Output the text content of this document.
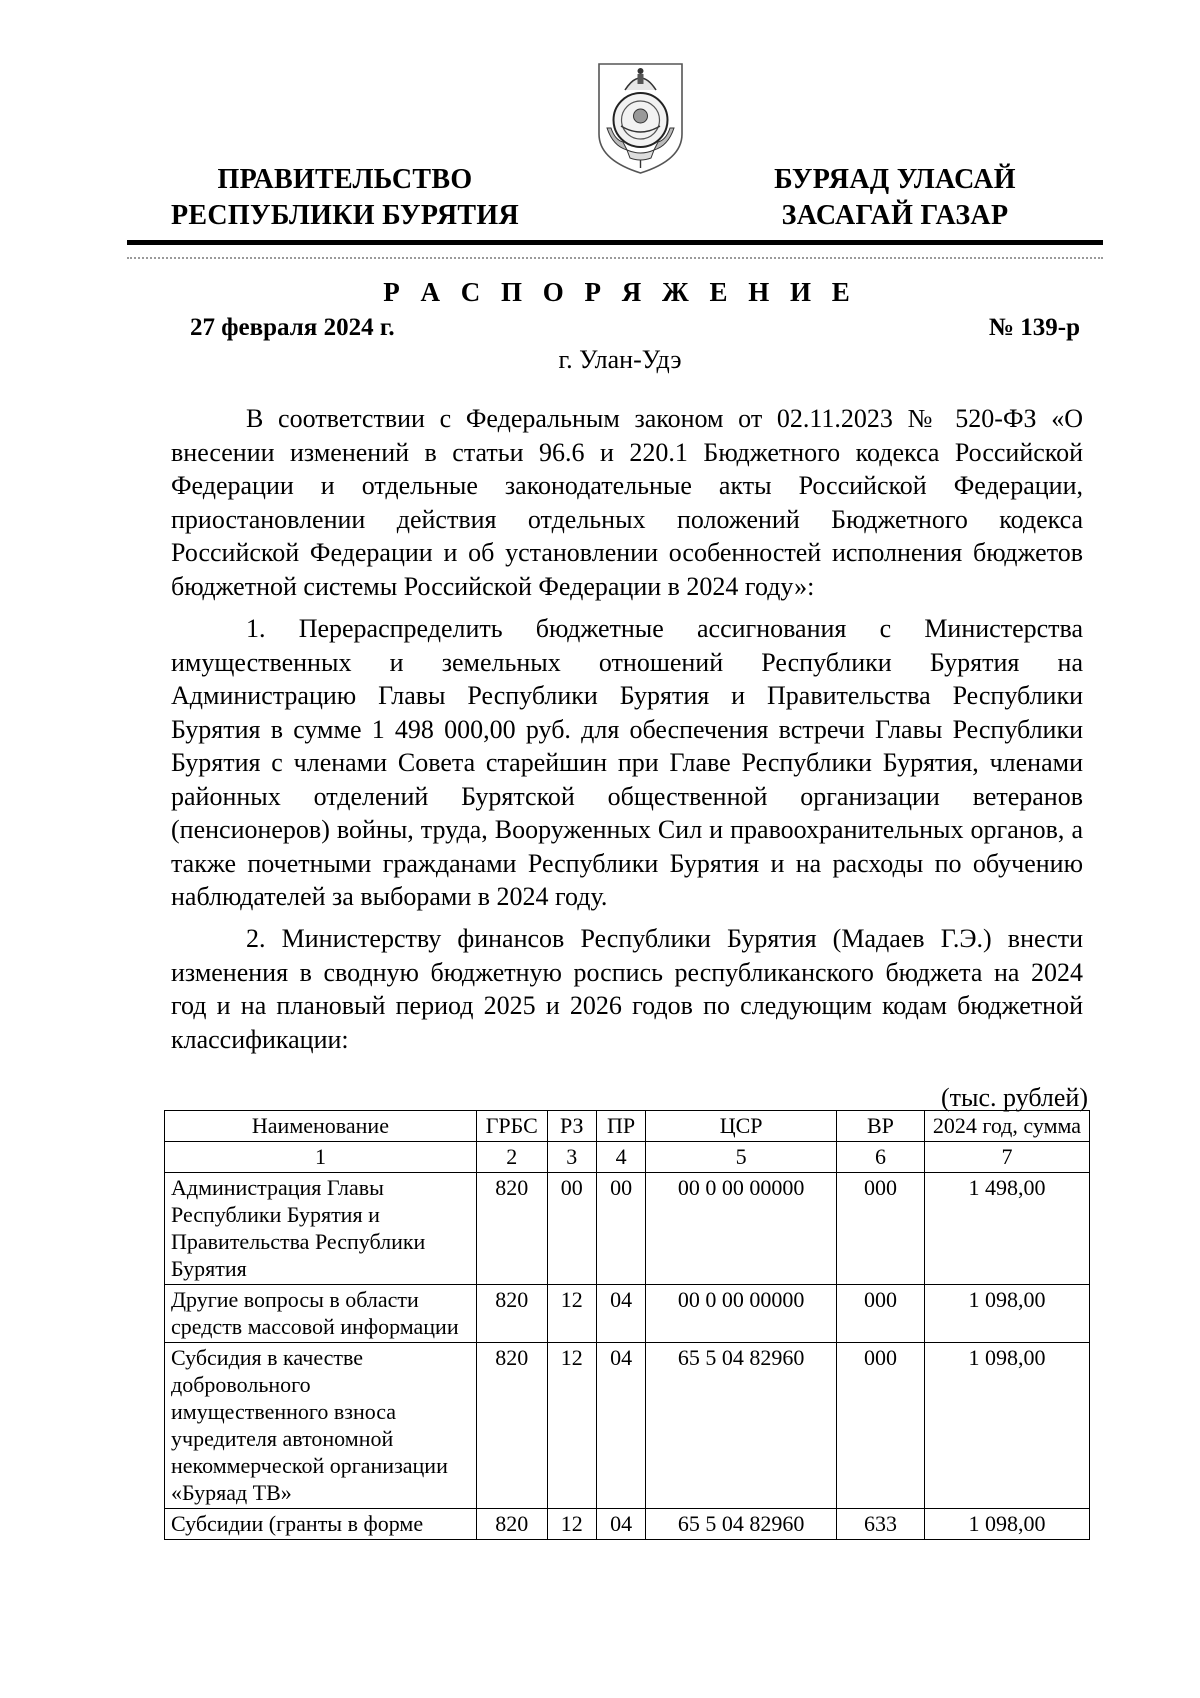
ПРАВИТЕЛЬСТВО
РЕСПУБЛИКИ БУРЯТИЯ
БУРЯАД УЛАСАЙ
ЗАСАГАЙ ГАЗАР
Р А С П О Р Я Ж Е Н И Е
27 февраля 2024 г.	№ 139-р
г. Улан-Удэ

В соответствии с Федеральным законом от 02.11.2023 № 520-ФЗ «О внесении изменений в статьи 96.6 и 220.1 Бюджетного кодекса Российской Федерации и отдельные законодательные акты Российской Федерации, приостановлении действия отдельных положений Бюджетного кодекса Российской Федерации и об установлении особенностей исполнения бюджетов бюджетной системы Российской Федерации в 2024 году»:

1. Перераспределить бюджетные ассигнования с Министерства имущественных и земельных отношений Республики Бурятия на Администрацию Главы Республики Бурятия и Правительства Республики Бурятия в сумме 1 498 000,00 руб. для обеспечения встречи Главы Республики Бурятия с членами Совета старейшин при Главе Республики Бурятия, членами районных отделений Бурятской общественной организации ветеранов (пенсионеров) войны, труда, Вооруженных Сил и правоохранительных органов, а также почетными гражданами Республики Бурятия и на расходы по обучению наблюдателей за выборами в 2024 году.

2. Министерству финансов Республики Бурятия (Мадаев Г.Э.) внести изменения в сводную бюджетную роспись республиканского бюджета на 2024 год и на плановый период 2025 и 2026 годов по следующим кодам бюджетной классификации:

(тыс. рублей)
Наименование	ГРБС	РЗ	ПР	ЦСР	ВР	2024 год, сумма
1	2	3	4	5	6	7
Администрация Главы Республики Бурятия и Правительства Республики Бурятия	820	00	00	00 0 00 00000	000	1 498,00
Другие вопросы в области средств массовой информации	820	12	04	00 0 00 00000	000	1 098,00
Субсидия в качестве добровольного имущественного взноса учредителя автономной некоммерческой организации «Буряад ТВ»	820	12	04	65 5 04 82960	000	1 098,00
Субсидии (гранты в форме	820	12	04	65 5 04 82960	633	1 098,00
